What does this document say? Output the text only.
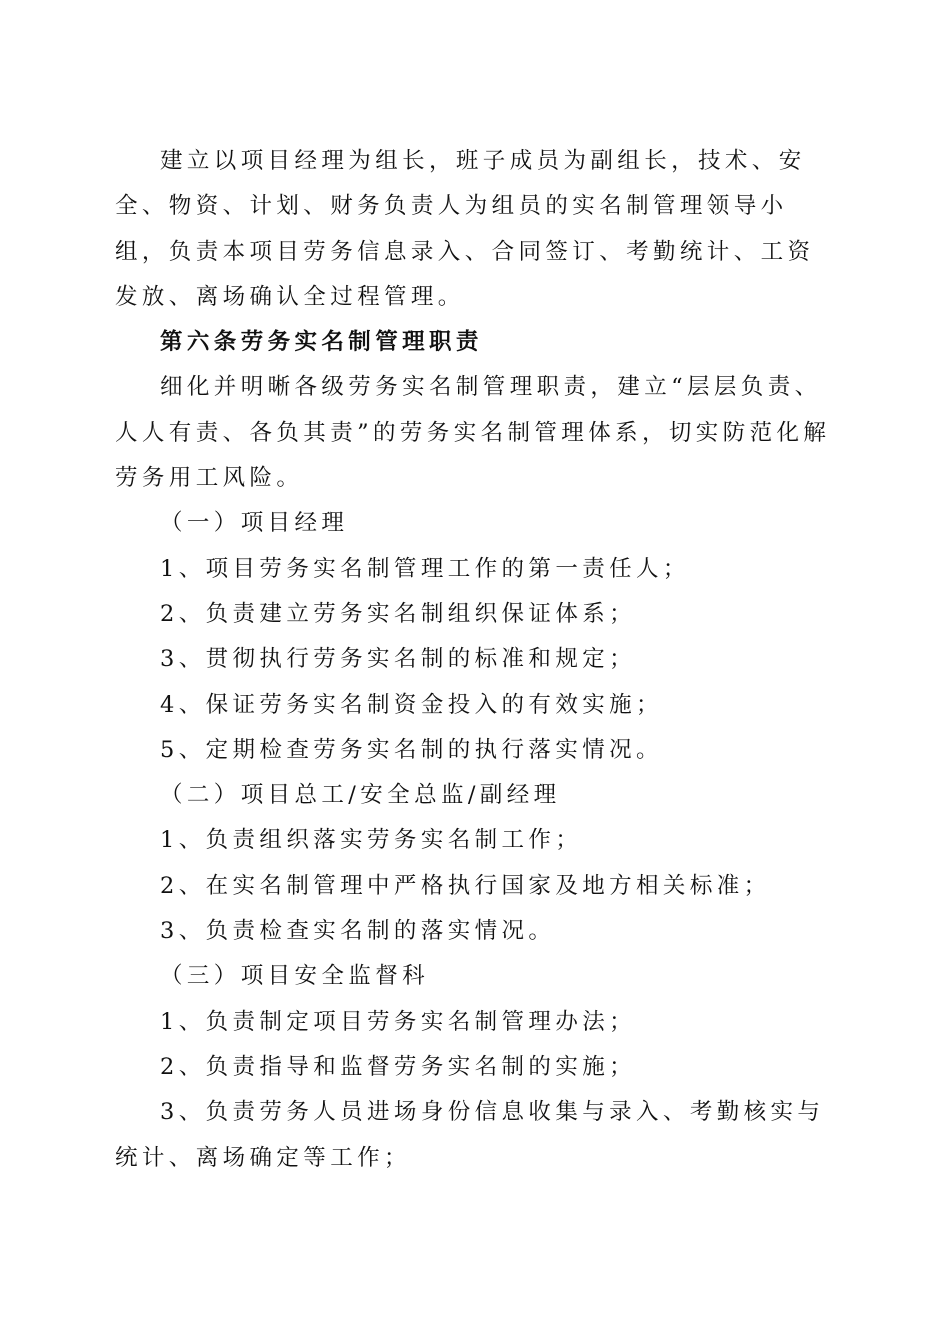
建立以项目经理为组长，班子成员为副组长，技术、安全、物资、计划、财务负责人为组员的实名制管理领导小组，负责本项目劳务信息录入、合同签订、考勤统计、工资发放、离场确认全过程管理。

第六条劳务实名制管理职责

细化并明晰各级劳务实名制管理职责，建立“层层负责、人人有责、各负其责”的劳务实名制管理体系，切实防范化解劳务用工风险。

（一）项目经理

1、项目劳务实名制管理工作的第一责任人；

2、负责建立劳务实名制组织保证体系；

3、贯彻执行劳务实名制的标准和规定；

4、保证劳务实名制资金投入的有效实施；

5、定期检查劳务实名制的执行落实情况。

（二）项目总工/安全总监/副经理

1、负责组织落实劳务实名制工作；

2、在实名制管理中严格执行国家及地方相关标准；

3、负责检查实名制的落实情况。

（三）项目安全监督科

1、负责制定项目劳务实名制管理办法；

2、负责指导和监督劳务实名制的实施；

3、负责劳务人员进场身份信息收集与录入、考勤核实与统计、离场确定等工作；
